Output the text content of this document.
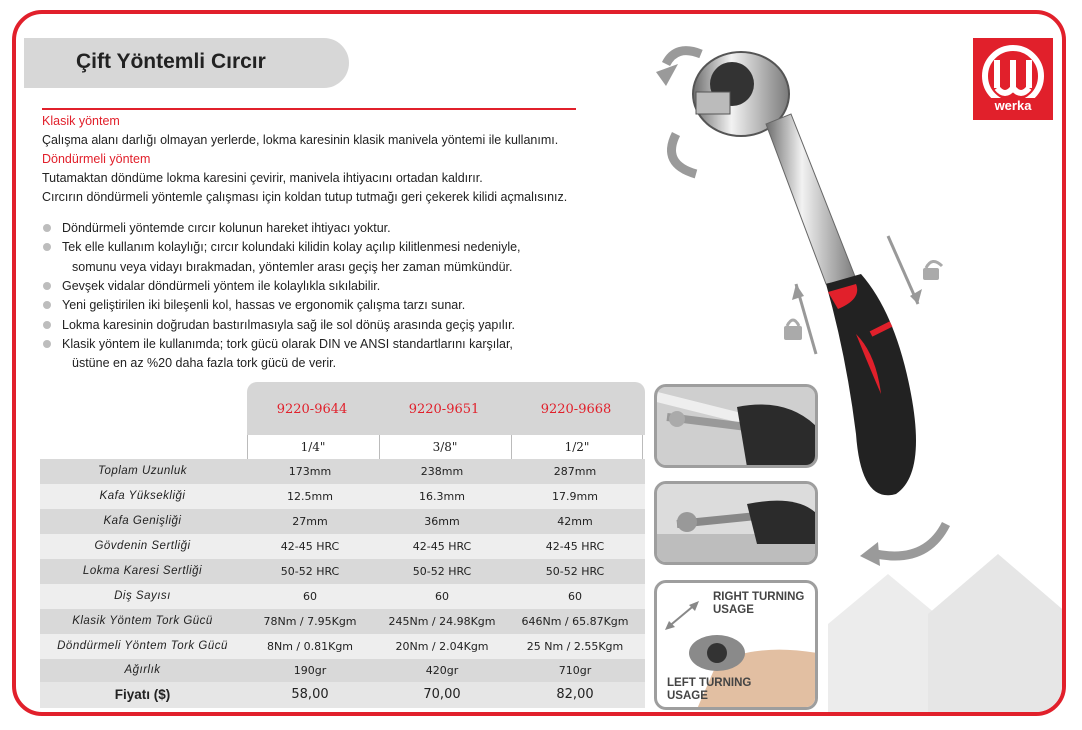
Çift Yöntemli Cırcır
werka
Klasik yöntem
Çalışma alanı darlığı olmayan yerlerde, lokma karesinin klasik manivela yöntemi ile kullanımı.
Döndürmeli yöntem
Tutamaktan döndüme lokma karesini çevirir, manivela ihtiyacını ortadan kaldırır.
Cırcırın döndürmeli yöntemle çalışması için koldan tutup tutmağı geri çekerek kilidi açmalısınız.
Döndürmeli yöntemde cırcır kolunun hareket ihtiyacı yoktur.
Tek elle kullanım kolaylığı; cırcır kolundaki kilidin kolay açılıp kilitlenmesi nedeniyle,
somunu veya vidayı bırakmadan, yöntemler arası geçiş her zaman mümkündür.
Gevşek vidalar döndürmeli yöntem ile kolaylıkla sıkılabilir.
Yeni geliştirilen iki bileşenli kol, hassas ve ergonomik çalışma tarzı sunar.
Lokma karesinin doğrudan bastırılmasıyla sağ ile sol dönüş arasında geçiş yapılır.
Klasik yöntem ile kullanımda; tork gücü olarak DIN ve ANSI standartlarını karşılar,
üstüne en az %20 daha fazla tork gücü de verir.
9220-9644	9220-9651	9220-9668
1/4"	3/8"	1/2"
Toplam Uzunluk	173mm	238mm	287mm
Kafa Yüksekliği	12.5mm	16.3mm	17.9mm
Kafa Genişliği	27mm	36mm	42mm
Gövdenin Sertliği	42-45 HRC	42-45 HRC	42-45 HRC
Lokma Karesi Sertliği	50-52 HRC	50-52 HRC	50-52 HRC
Diş Sayısı	60	60	60
Klasik Yöntem Tork Gücü	78Nm / 7.95Kgm	245Nm / 24.98Kgm	646Nm / 65.87Kgm
Döndürmeli Yöntem Tork Gücü	8Nm / 0.81Kgm	20Nm / 2.04Kgm	25 Nm / 2.55Kgm
Ağırlık	190gr	420gr	710gr
Fiyatı ($)	58,00	70,00	82,00
RIGHT TURNING
USAGE
LEFT TURNING
USAGE
